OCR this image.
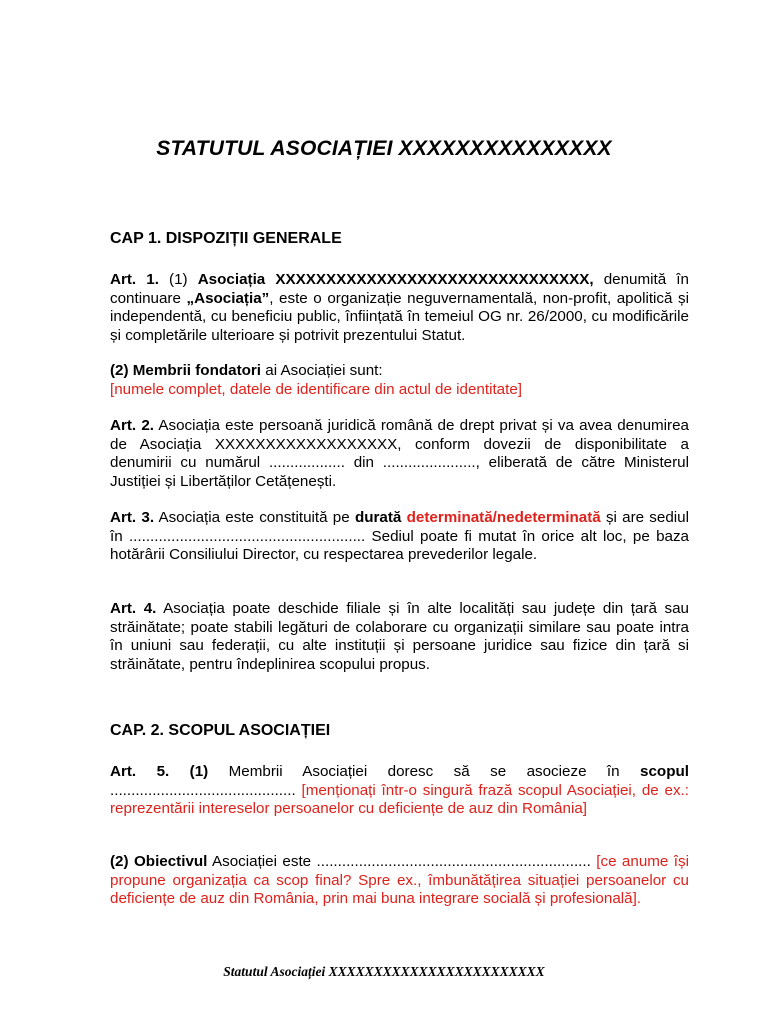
STATUTUL ASOCIAȚIEI XXXXXXXXXXXXXXX
CAP 1. DISPOZIȚII GENERALE
Art. 1. (1) Asociația XXXXXXXXXXXXXXXXXXXXXXXXXXXXXXX, denumită în continuare „Asociația”, este o organizație neguvernamentală, non-profit, apolitică și independentă, cu beneficiu public, înființată în temeiul OG nr. 26/2000, cu modificările și completările ulterioare și potrivit prezentului Statut.
(2) Membrii fondatori ai Asociației sunt:
[numele complet, datele de identificare din actul de identitate]
Art. 2. Asociația este persoană juridică română de drept privat și va avea denumirea de Asociația XXXXXXXXXXXXXXXXXX, conform dovezii de disponibilitate a denumirii cu numărul .................. din ......................, eliberată de către Ministerul Justiției și Libertăților Cetățenești.
Art. 3. Asociația este constituită pe durată determinată/nedeterminată și are sediul în ........................................................ Sediul poate fi mutat în orice alt loc, pe baza hotărârii Consiliului Director, cu respectarea prevederilor legale.
Art. 4. Asociația poate deschide filiale și în alte localități sau județe din țară sau străinătate; poate stabili legături de colaborare cu organizații similare sau poate intra în uniuni sau federații, cu alte instituții și persoane juridice sau fizice din țară si străinătate, pentru îndeplinirea scopului propus.
CAP. 2. SCOPUL ASOCIAȚIEI
Art. 5. (1) Membrii Asociației doresc să se asocieze în scopul ............................................ [menționați într-o singură frază scopul Asociației, de ex.: reprezentării intereselor persoanelor cu deficiențe de auz din România]
(2) Obiectivul Asociației este ................................................................. [ce anume își propune organizația ca scop final? Spre ex., îmbunătățirea situației persoanelor cu deficiențe de auz din România, prin mai buna integrare socială și profesională].
Statutul Asociației XXXXXXXXXXXXXXXXXXXXXXXX
